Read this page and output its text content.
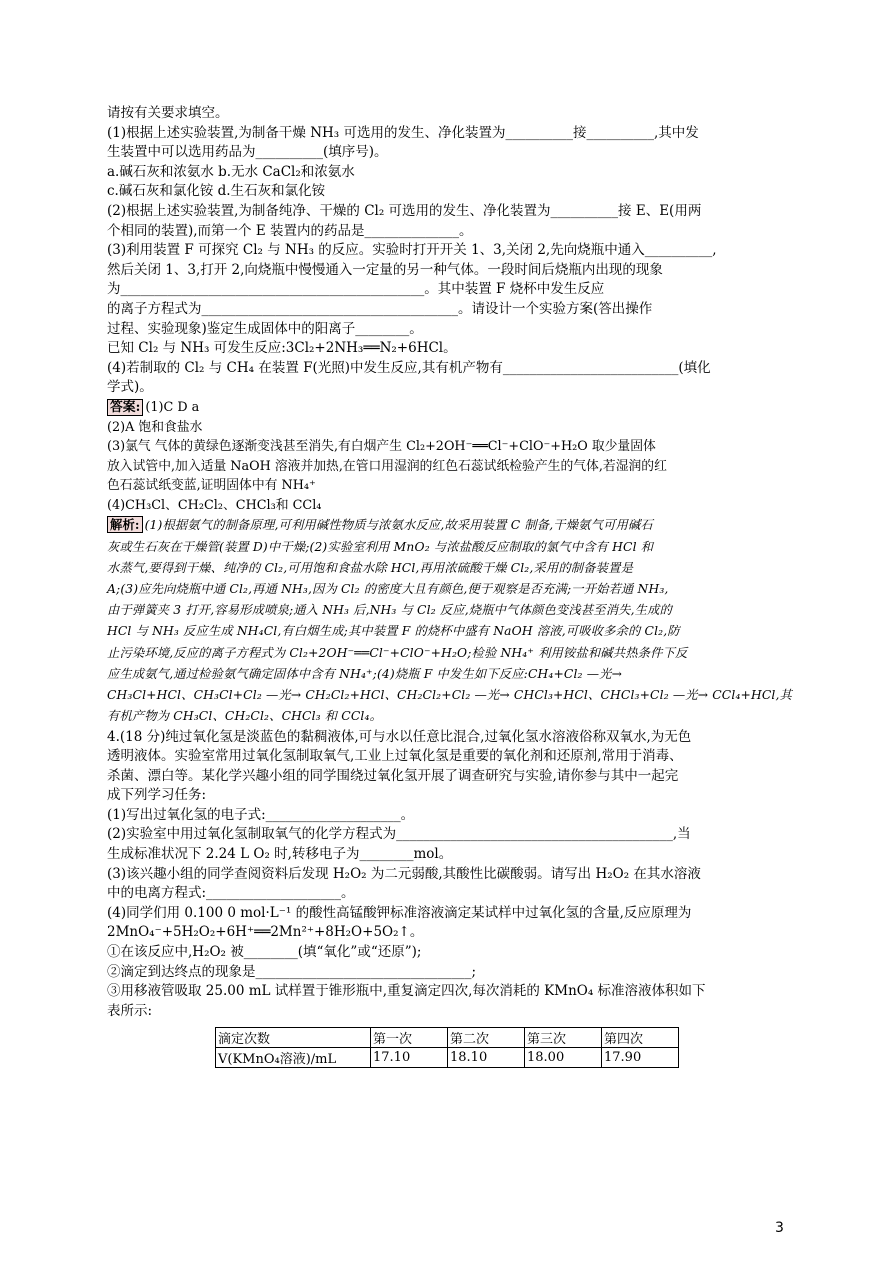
请按有关要求填空。
(1)根据上述实验装置,为制备干燥 NH₃ 可选用的发生、净化装置为__________接__________,其中发
生装置中可以选用药品为__________(填序号)。
a.碱石灰和浓氨水 b.无水 CaCl₂和浓氨水
c.碱石灰和氯化铵 d.生石灰和氯化铵
(2)根据上述实验装置,为制备纯净、干燥的 Cl₂ 可选用的发生、净化装置为__________接 E、E(用两
个相同的装置),而第一个 E 装置内的药品是______________。
(3)利用装置 F 可探究 Cl₂ 与 NH₃ 的反应。实验时打开开关 1、3,关闭 2,先向烧瓶中通入__________,
然后关闭 1、3,打开 2,向烧瓶中慢慢通入一定量的另一种气体。一段时间后烧瓶内出现的现象
为_____________________________________________。其中装置 F 烧杯中发生反应
的离子方程式为______________________________________。请设计一个实验方案(答出操作
过程、实验现象)鉴定生成固体中的阳离子________。
已知 Cl₂ 与 NH₃ 可发生反应:3Cl₂+2NH₃══N₂+6HCl。
(4)若制取的 Cl₂ 与 CH₄ 在装置 F(光照)中发生反应,其有机产物有__________________________(填化
学式)。
答案: (1)C D a
(2)A 饱和食盐水
(3)氯气 气体的黄绿色逐渐变浅甚至消失,有白烟产生 Cl₂+2OH⁻══Cl⁻+ClO⁻+H₂O 取少量固体
放入试管中,加入适量 NaOH 溶液并加热,在管口用湿润的红色石蕊试纸检验产生的气体,若湿润的红
色石蕊试纸变蓝,证明固体中有 NH₄⁺
(4)CH₃Cl、CH₂Cl₂、CHCl₃和 CCl₄
解析: (1)根据氨气的制备原理,可利用碱性物质与浓氨水反应,故采用装置 C 制备,干燥氨气可用碱石
灰或生石灰在干燥管(装置 D)中干燥;(2)实验室利用 MnO₂ 与浓盐酸反应制取的氯气中含有 HCl 和
水蒸气,要得到干燥、纯净的 Cl₂,可用饱和食盐水除 HCl,再用浓硫酸干燥 Cl₂,采用的制备装置是
A;(3)应先向烧瓶中通 Cl₂,再通 NH₃,因为 Cl₂ 的密度大且有颜色,便于观察是否充满;一开始若通 NH₃,
由于弹簧夹 3 打开,容易形成喷泉;通入 NH₃ 后,NH₃ 与 Cl₂ 反应,烧瓶中气体颜色变浅甚至消失,生成的
HCl 与 NH₃ 反应生成 NH₄Cl,有白烟生成;其中装置 F 的烧杯中盛有 NaOH 溶液,可吸收多余的 Cl₂,防
止污染环境,反应的离子方程式为 Cl₂+2OH⁻══Cl⁻+ClO⁻+H₂O;检验 NH₄⁺ 利用铵盐和碱共热条件下反
应生成氨气,通过检验氨气确定固体中含有 NH₄⁺;(4)烧瓶 F 中发生如下反应:CH₄+Cl₂ —光→
CH₃Cl+HCl、CH₃Cl+Cl₂ —光→ CH₂Cl₂+HCl、CH₂Cl₂+Cl₂ —光→ CHCl₃+HCl、CHCl₃+Cl₂ —光→ CCl₄+HCl,其
有机产物为 CH₃Cl、CH₂Cl₂、CHCl₃ 和 CCl₄。
4.(18 分)纯过氧化氢是淡蓝色的黏稠液体,可与水以任意比混合,过氧化氢水溶液俗称双氧水,为无色
透明液体。实验室常用过氧化氢制取氧气,工业上过氧化氢是重要的氧化剂和还原剂,常用于消毒、
杀菌、漂白等。某化学兴趣小组的同学围绕过氧化氢开展了调查研究与实验,请你参与其中一起完
成下列学习任务:
(1)写出过氧化氢的电子式:____________________。
(2)实验室中用过氧化氢制取氧气的化学方程式为_________________________________________,当
生成标准状况下 2.24 L O₂ 时,转移电子为________mol。
(3)该兴趣小组的同学查阅资料后发现 H₂O₂ 为二元弱酸,其酸性比碳酸弱。请写出 H₂O₂ 在其水溶液
中的电离方程式:____________________。
(4)同学们用 0.100 0 mol·L⁻¹ 的酸性高锰酸钾标准溶液滴定某试样中过氧化氢的含量,反应原理为
2MnO₄⁻+5H₂O₂+6H⁺══2Mn²⁺+8H₂O+5O₂↑。
①在该反应中,H₂O₂ 被________(填“氧化”或“还原”);
②滴定到达终点的现象是________________________________;
③用移液管吸取 25.00 mL 试样置于锥形瓶中,重复滴定四次,每次消耗的 KMnO₄ 标准溶液体积如下
表所示:
滴定次数	第一次	第二次	第三次	第四次
V(KMnO₄溶液)/mL	17.10	18.10	18.00	17.90
3
